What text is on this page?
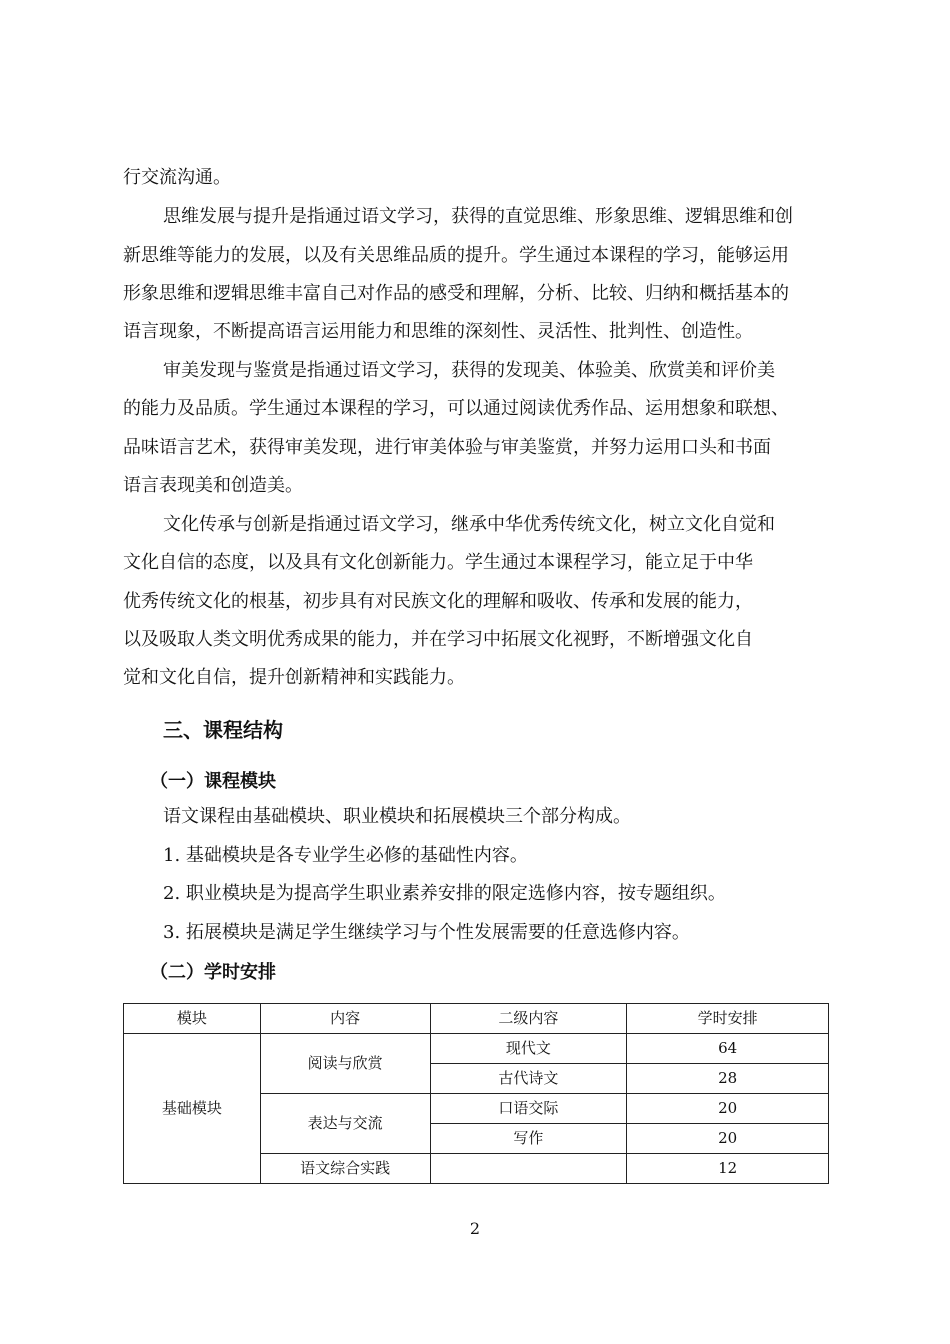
行交流沟通。
思维发展与提升是指通过语文学习，获得的直觉思维、形象思维、逻辑思维和创
新思维等能力的发展，以及有关思维品质的提升。学生通过本课程的学习，能够运用
形象思维和逻辑思维丰富自己对作品的感受和理解，分析、比较、归纳和概括基本的
语言现象，不断提高语言运用能力和思维的深刻性、灵活性、批判性、创造性。
审美发现与鉴赏是指通过语文学习，获得的发现美、体验美、欣赏美和评价美
的能力及品质。学生通过本课程的学习，可以通过阅读优秀作品、运用想象和联想、
品味语言艺术，获得审美发现，进行审美体验与审美鉴赏，并努力运用口头和书面
语言表现美和创造美。
文化传承与创新是指通过语文学习，继承中华优秀传统文化，树立文化自觉和
文化自信的态度，以及具有文化创新能力。学生通过本课程学习，能立足于中华
优秀传统文化的根基，初步具有对民族文化的理解和吸收、传承和发展的能力，
以及吸取人类文明优秀成果的能力，并在学习中拓展文化视野，不断增强文化自
觉和文化自信，提升创新精神和实践能力。
三、课程结构
（一）课程模块
语文课程由基础模块、职业模块和拓展模块三个部分构成。
1. 基础模块是各专业学生必修的基础性内容。
2. 职业模块是为提高学生职业素养安排的限定选修内容，按专题组织。
3. 拓展模块是满足学生继续学习与个性发展需要的任意选修内容。
（二）学时安排
模块	内容	二级内容	学时安排
基础模块	阅读与欣赏	现代文	64
		古代诗文	28
	表达与交流	口语交际	20
		写作	20
	语文综合实践		12
2
